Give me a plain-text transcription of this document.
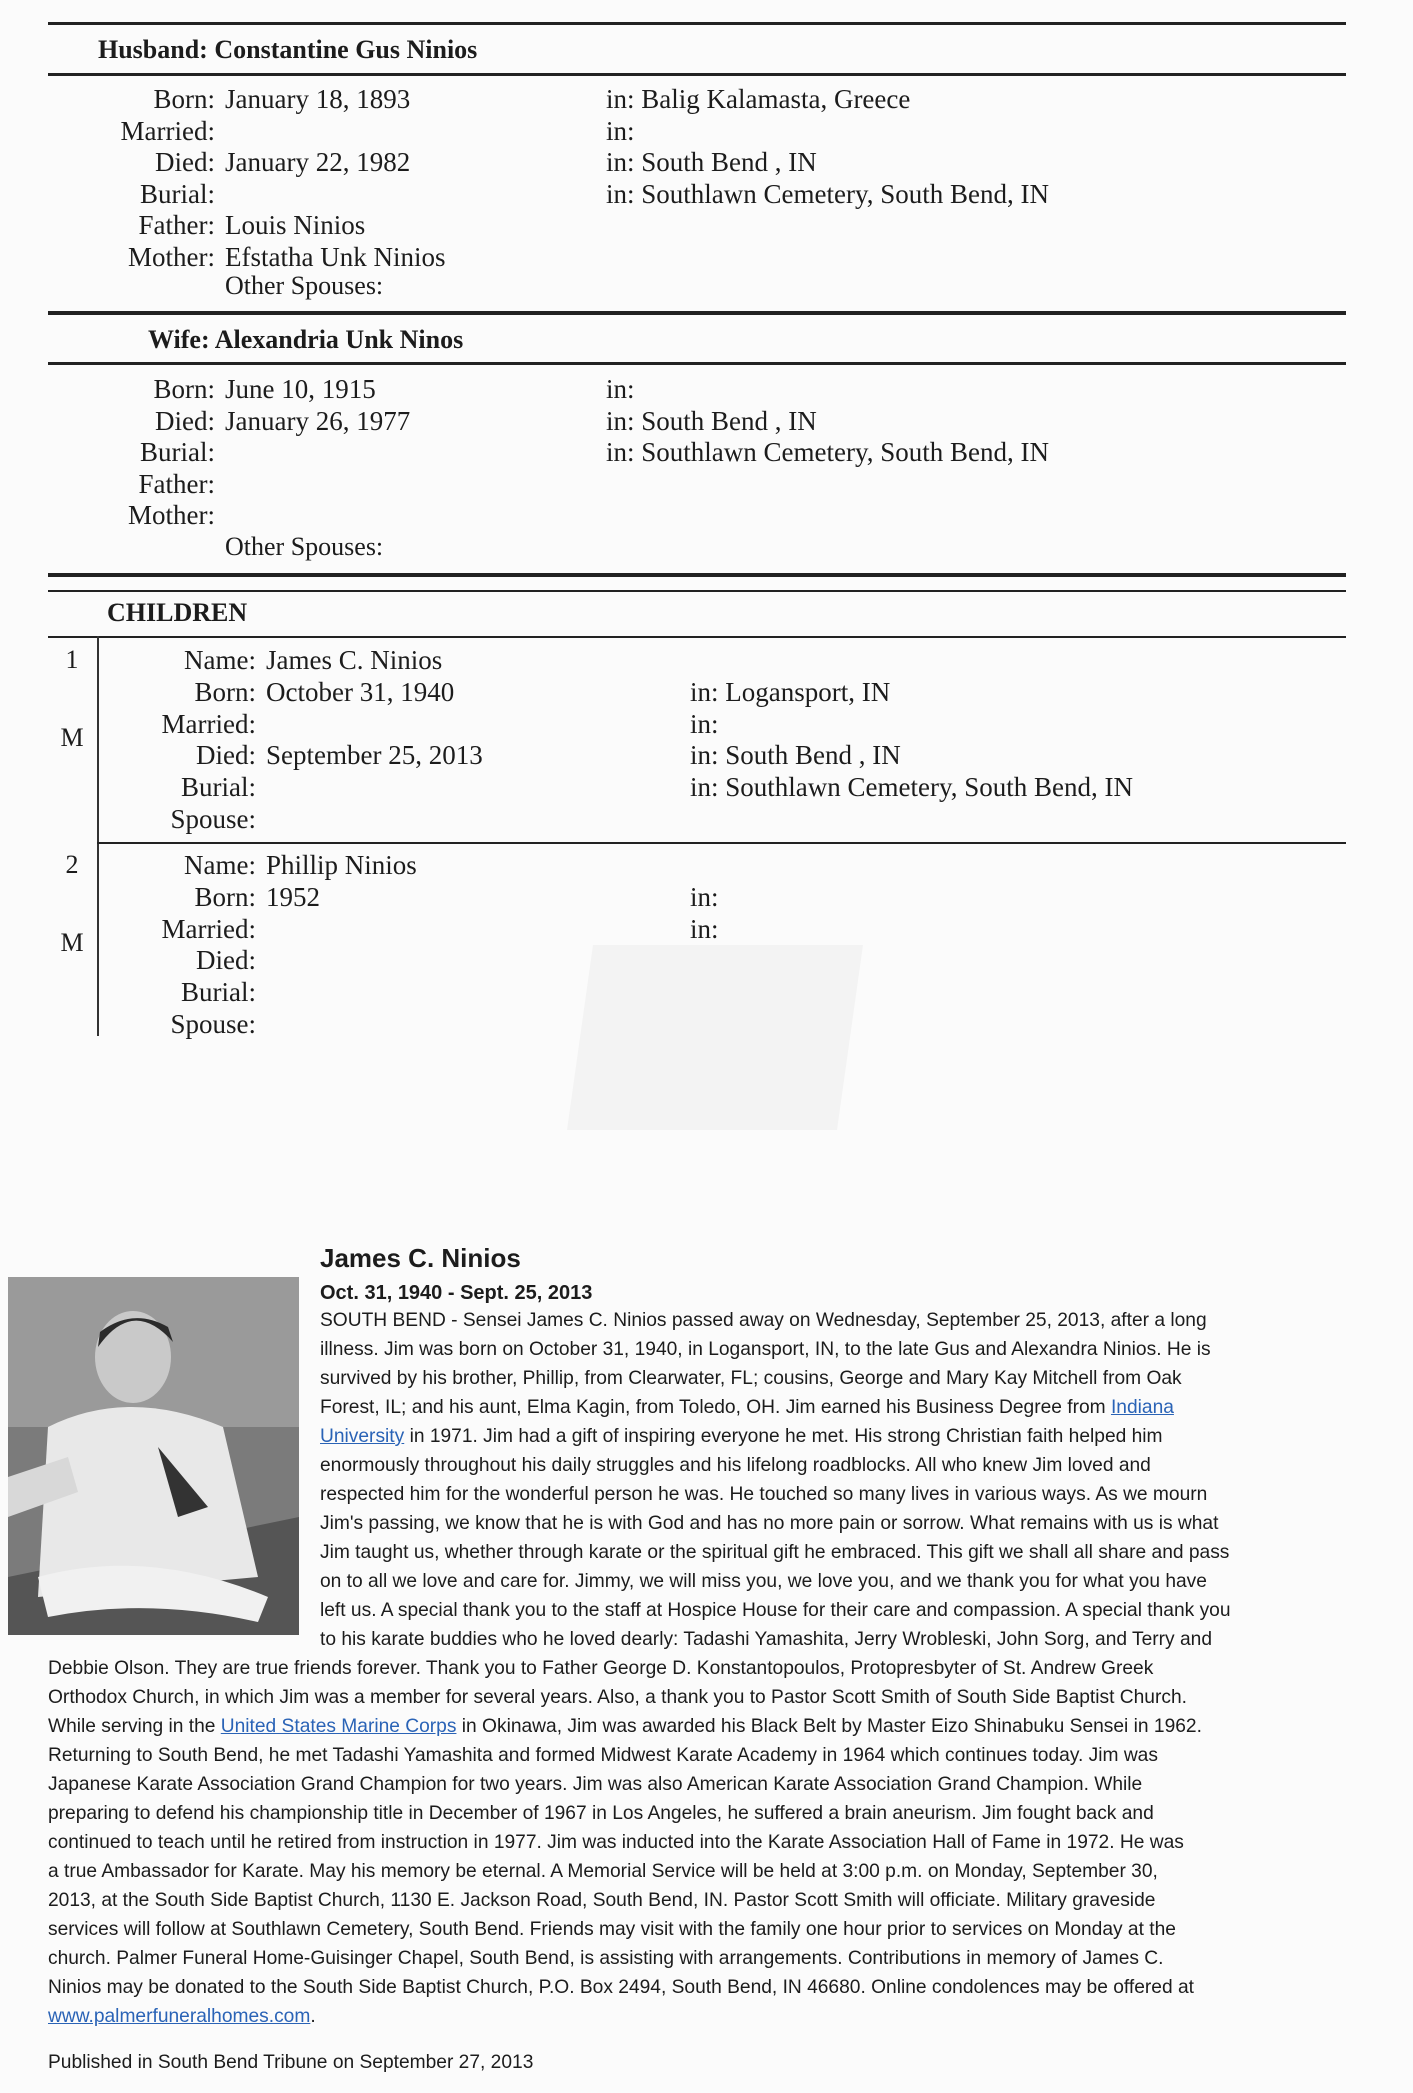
Husband: Constantine Gus Ninios
Born: January 18, 1893	in: Balig Kalamasta, Greece
Married:	in:
Died: January 22, 1982	in: South Bend , IN
Burial:	in: Southlawn Cemetery, South Bend, IN
Father: Louis Ninios
Mother: Efstatha Unk Ninios
Other Spouses:
Wife: Alexandria Unk Ninos
Born: June 10, 1915	in:
Died: January 26, 1977	in: South Bend , IN
Burial:	in: Southlawn Cemetery, South Bend, IN
Father:
Mother:
Other Spouses:
CHILDREN
1
M
Name: James C. Ninios
Born: October 31, 1940	in: Logansport, IN
Married:	in:
Died: September 25, 2013	in: South Bend , IN
Burial:	in: Southlawn Cemetery, South Bend, IN
Spouse:
2
M
Name: Phillip Ninios
Born: 1952	in:
Married:	in:
Died:
Burial:
Spouse:
James C. Ninios
Oct. 31, 1940 - Sept. 25, 2013
SOUTH BEND - Sensei James C. Ninios passed away on Wednesday, September 25, 2013, after a long
illness. Jim was born on October 31, 1940, in Logansport, IN, to the late Gus and Alexandra Ninios. He is
survived by his brother, Phillip, from Clearwater, FL; cousins, George and Mary Kay Mitchell from Oak
Forest, IL; and his aunt, Elma Kagin, from Toledo, OH. Jim earned his Business Degree from Indiana
University in 1971. Jim had a gift of inspiring everyone he met. His strong Christian faith helped him
enormously throughout his daily struggles and his lifelong roadblocks. All who knew Jim loved and
respected him for the wonderful person he was. He touched so many lives in various ways. As we mourn
Jim's passing, we know that he is with God and has no more pain or sorrow. What remains with us is what
Jim taught us, whether through karate or the spiritual gift he embraced. This gift we shall all share and pass
on to all we love and care for. Jimmy, we will miss you, we love you, and we thank you for what you have
left us. A special thank you to the staff at Hospice House for their care and compassion. A special thank you
to his karate buddies who he loved dearly: Tadashi Yamashita, Jerry Wrobleski, John Sorg, and Terry and
Debbie Olson. They are true friends forever. Thank you to Father George D. Konstantopoulos, Protopresbyter of St. Andrew Greek
Orthodox Church, in which Jim was a member for several years. Also, a thank you to Pastor Scott Smith of South Side Baptist Church.
While serving in the United States Marine Corps in Okinawa, Jim was awarded his Black Belt by Master Eizo Shinabuku Sensei in 1962.
Returning to South Bend, he met Tadashi Yamashita and formed Midwest Karate Academy in 1964 which continues today. Jim was
Japanese Karate Association Grand Champion for two years. Jim was also American Karate Association Grand Champion. While
preparing to defend his championship title in December of 1967 in Los Angeles, he suffered a brain aneurism. Jim fought back and
continued to teach until he retired from instruction in 1977. Jim was inducted into the Karate Association Hall of Fame in 1972. He was
a true Ambassador for Karate. May his memory be eternal. A Memorial Service will be held at 3:00 p.m. on Monday, September 30,
2013, at the South Side Baptist Church, 1130 E. Jackson Road, South Bend, IN. Pastor Scott Smith will officiate. Military graveside
services will follow at Southlawn Cemetery, South Bend. Friends may visit with the family one hour prior to services on Monday at the
church. Palmer Funeral Home-Guisinger Chapel, South Bend, is assisting with arrangements. Contributions in memory of James C.
Ninios may be donated to the South Side Baptist Church, P.O. Box 2494, South Bend, IN 46680. Online condolences may be offered at
www.palmerfuneralhomes.com.
Published in South Bend Tribune on September 27, 2013
